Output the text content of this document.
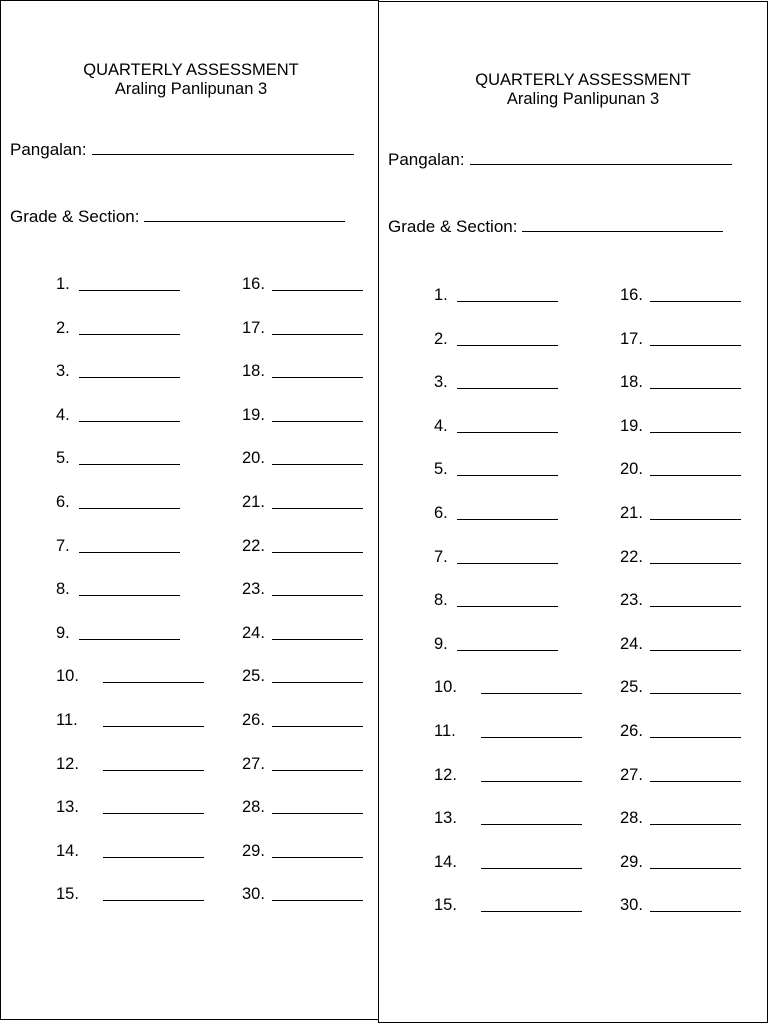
QUARTERLY ASSESSMENT
Araling Panlipunan 3
Pangalan:
Grade & Section:
1.
2.
3.
4.
5.
6.
7.
8.
9.
10.
11.
12.
13.
14.
15.
16.
17.
18.
19.
20.
21.
22.
23.
24.
25.
26.
27.
28.
29.
30.
QUARTERLY ASSESSMENT
Araling Panlipunan 3
Pangalan:
Grade & Section:
1.
2.
3.
4.
5.
6.
7.
8.
9.
10.
11.
12.
13.
14.
15.
16.
17.
18.
19.
20.
21.
22.
23.
24.
25.
26.
27.
28.
29.
30.
